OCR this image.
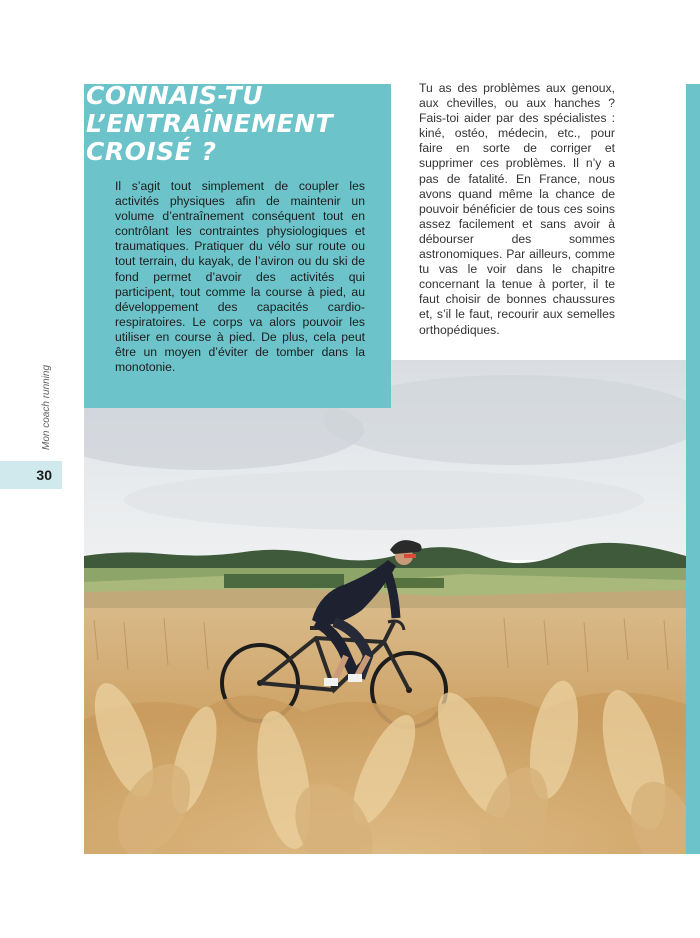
CONNAIS-TU
L’ENTRAÎNEMENT
CROISÉ ?

Il s’agit tout simplement de coupler les activités physiques afin de maintenir un volume d’entraînement conséquent tout en contrôlant les contraintes physiologiques et traumatiques. Pratiquer du vélo sur route ou tout terrain, du kayak, de l’aviron ou du ski de fond permet d’avoir des activités qui participent, tout comme la course à pied, au développement des capacités cardio-respiratoires. Le corps va alors pouvoir les utiliser en course à pied. De plus, cela peut être un moyen d’éviter de tomber dans la monotonie.

Tu as des problèmes aux genoux, aux chevilles, ou aux hanches ? Fais-toi aider par des spécialistes : kiné, ostéo, médecin, etc., pour faire en sorte de corriger et supprimer ces problèmes. Il n’y a pas de fatalité. En France, nous avons quand même la chance de pouvoir bénéficier de tous ces soins assez facilement et sans avoir à débourser des sommes astronomiques. Par ailleurs, comme tu vas le voir dans le chapitre concernant la tenue à porter, il te faut choisir de bonnes chaussures et, s’il le faut, recourir aux semelles orthopédiques.

Mon coach running
30
